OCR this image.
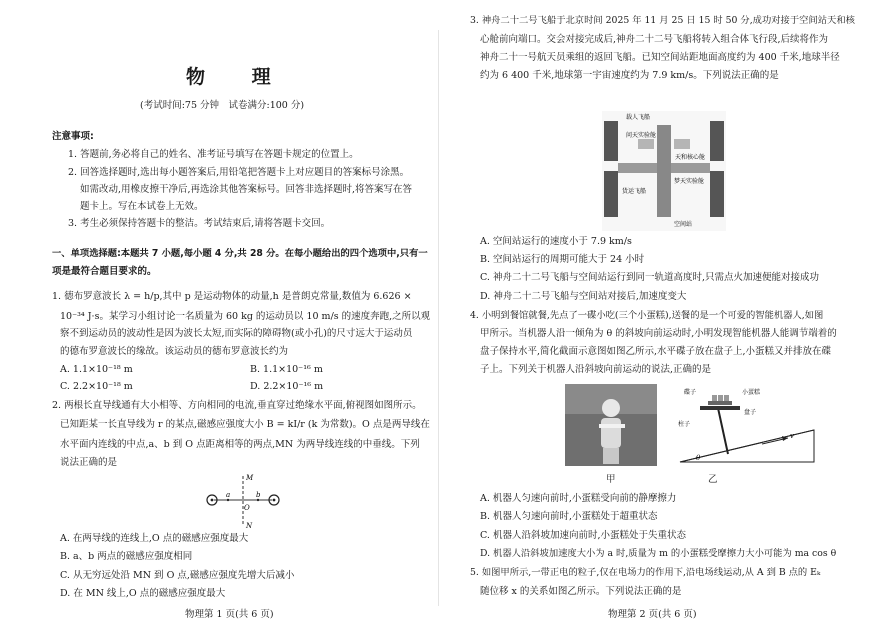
物 理
(考试时间:75 分钟　试卷满分:100 分)
注意事项:
1. 答题前,务必将自己的姓名、准考证号填写在答题卡规定的位置上。
2. 回答选择题时,选出每小题答案后,用铅笔把答题卡上对应题目的答案标号涂黑。
如需改动,用橡皮擦干净后,再选涂其他答案标号。回答非选择题时,将答案写在答
题卡上。写在本试卷上无效。
3. 考生必须保持答题卡的整洁。考试结束后,请将答题卡交回。
一、单项选择题:本题共 7 小题,每小题 4 分,共 28 分。在每小题给出的四个选项中,只有一
项是最符合题目要求的。
1. 德布罗意波长 λ = h/p,其中 p 是运动物体的动量,h 是普朗克常量,数值为 6.626 ×
10⁻³⁴ J·s。某学习小组讨论一名质量为 60 kg 的运动员以 10 m/s 的速度奔跑,之所以观
察不到运动员的波动性是因为波长太短,而实际的障碍物(或小孔)的尺寸远大于运动员
的德布罗意波长的缘故。该运动员的德布罗意波长约为
A. 1.1×10⁻¹⁸ m	B. 1.1×10⁻¹⁶ m
C. 2.2×10⁻¹⁸ m	D. 2.2×10⁻¹⁶ m
2. 两根长直导线通有大小相等、方向相同的电流,垂直穿过绝缘水平面,俯视图如图所示。
已知距某一长直导线为 r 的某点,磁感应强度大小 B = kI/r (k 为常数)。O 点是两导线在
水平面内连线的中点,a、b 到 O 点距离相等的两点,MN 为两导线连线的中垂线。下列
说法正确的是
M
N
O
a	b
A. 在两导线的连线上,O 点的磁感应强度最大
B. a、b 两点的磁感应强度相同
C. 从无穷远处沿 MN 到 O 点,磁感应强度先增大后减小
D. 在 MN 线上,O 点的磁感应强度最大
物理第 1 页(共 6 页)
3. 神舟二十二号飞船于北京时间 2025 年 11 月 25 日 15 时 50 分,成功对接于空间站天和核
心舱前向端口。交会对接完成后,神舟二十二号飞船将转入组合体飞行段,后续将作为
神舟二十一号航天员乘组的返回飞船。已知空间站距地面高度约为 400 千米,地球半径
约为 6 400 千米,地球第一宇宙速度约为 7.9 km/s。下列说法正确的是
载人飞船
问天实验舱
天和核心舱
梦天实验舱
货运飞船
空间站
A. 空间站运行的速度小于 7.9 km/s
B. 空间站运行的周期可能大于 24 小时
C. 神舟二十二号飞船与空间站运行到同一轨道高度时,只需点火加速便能对接成功
D. 神舟二十二号飞船与空间站对接后,加速度变大
4. 小明到餐馆就餐,先点了一碟小吃(三个小蛋糕),送餐的是一个可爱的智能机器人,如图
甲所示。当机器人沿一倾角为 θ 的斜坡向前运动时,小明发现智能机器人能调节端着的
盘子保持水平,简化截面示意图如图乙所示,水平碟子放在盘子上,小蛋糕又并排放在碟
子上。下列关于机器人沿斜坡向前运动的说法,正确的是
甲
v
碟子	小蛋糕
柱子
盘子
θ
乙
A. 机器人匀速向前时,小蛋糕受向前的静摩擦力
B. 机器人匀速向前时,小蛋糕处于超重状态
C. 机器人沿斜坡加速向前时,小蛋糕处于失重状态
D. 机器人沿斜坡加速度大小为 a 时,质量为 m 的小蛋糕受摩擦力大小可能为 ma cos θ
5. 如图甲所示,一带正电的粒子,仅在电场力的作用下,沿电场线运动,从 A 到 B 点的 Eₖ
随位移 x 的关系如图乙所示。下列说法正确的是
物理第 2 页(共 6 页)
